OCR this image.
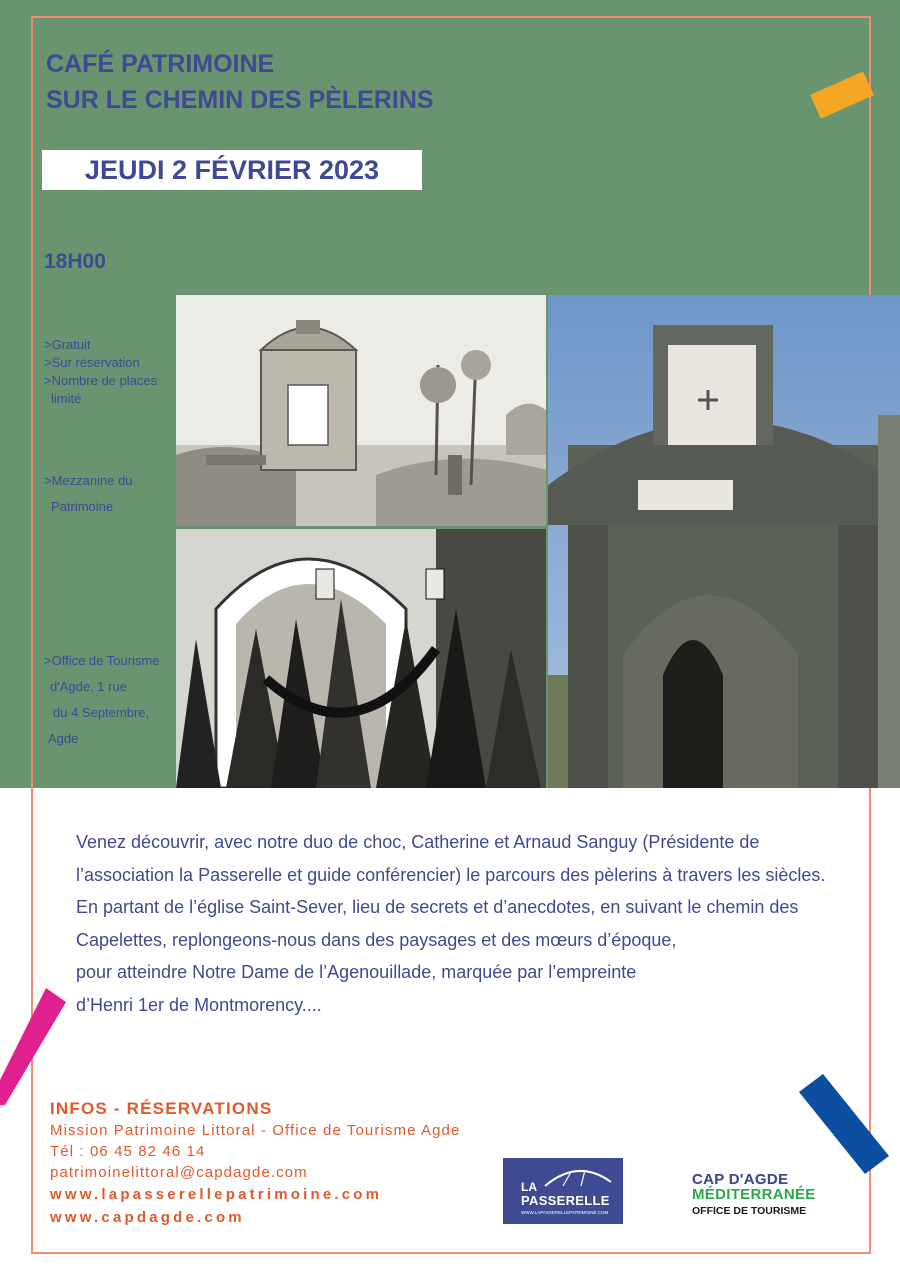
CAFÉ PATRIMOINE
SUR LE CHEMIN DES PÈLERINS
JEUDI 2 FÉVRIER 2023
18H00
>Gratuit
>Sur réservation
>Nombre de places
limité
>Mezzanine du
Patrimoine
>Office de Tourisme
d'Agde, 1 rue
du 4 Septembre,
Agde

Venez découvrir, avec notre duo de choc, Catherine et Arnaud Sanguy (Présidente de l’association la Passerelle et guide conférencier) le parcours des pèlerins à travers les siècles.

En partant de l’église Saint-Sever, lieu de secrets et d’anecdotes, en suivant le chemin des Capelettes, replongeons-nous dans des paysages et des mœurs d’époque,

pour atteindre Notre Dame de l’Agenouillade, marquée par l’empreinte

d’Henri 1er de Montmorency....

INFOS - RÉSERVATIONS
Mission Patrimoine Littoral - Office de Tourisme Agde
Tél : 06 45 82 46 14
patrimoinelittoral@capdagde.com
www.lapasserellepatrimoine.com
www.capdagde.com
LA
PASSERELLE
WWW.LAPASSERELLEPATRIMOINE.COM
CAP D'AGDE
MÉDITERRANÉE
OFFICE DE TOURISME
